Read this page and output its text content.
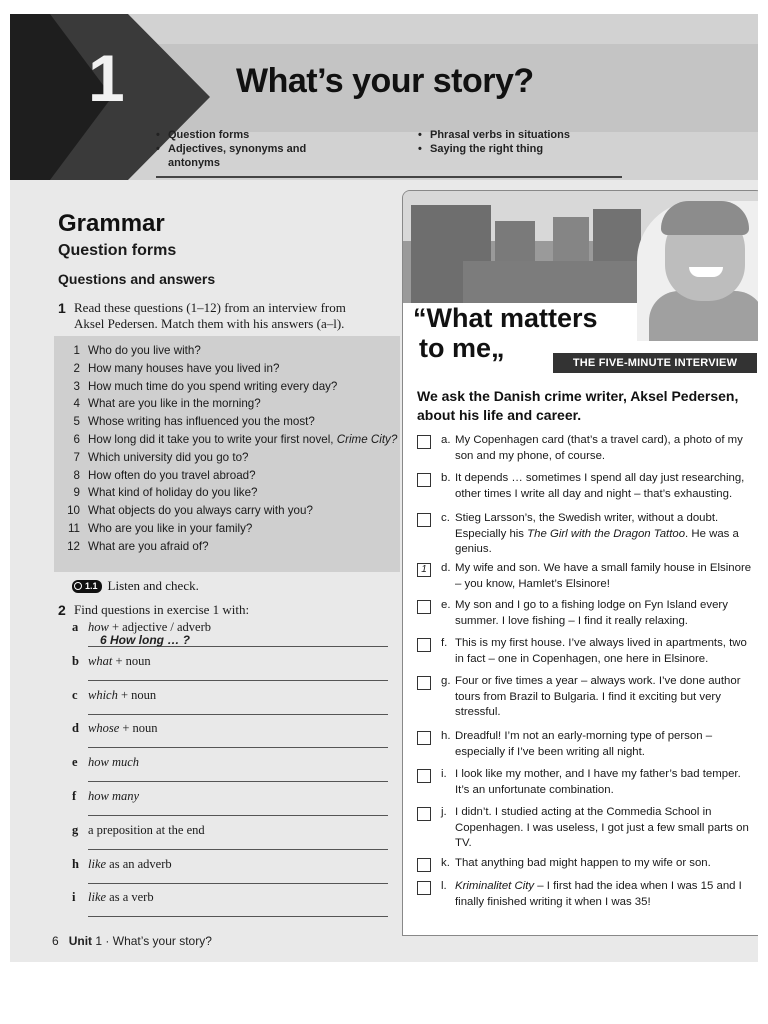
1	What’s your story?
• Question forms
• Adjectives, synonyms and antonyms
• Phrasal verbs in situations
• Saying the right thing
Grammar
Question forms
Questions and answers
1 Read these questions (1–12) from an interview from Aksel Pedersen. Match them with his answers (a–l).
1 Who do you live with?
2 How many houses have you lived in?
3 How much time do you spend writing every day?
4 What are you like in the morning?
5 Whose writing has influenced you the most?
6 How long did it take you to write your first novel, Crime City?
7 Which university did you go to?
8 How often do you travel abroad?
9 What kind of holiday do you like?
10 What objects do you always carry with you?
11 Who are you like in your family?
12 What are you afraid of?
1.1 Listen and check.
2 Find questions in exercise 1 with:
a how + adjective / adverb
6 How long … ?
b what + noun
c which + noun
d whose + noun
e how much
f how many
g a preposition at the end
h like as an adverb
i like as a verb
6 Unit 1 · What’s your story?
“What matters
to me„	THE FIVE-MINUTE INTERVIEW
We ask the Danish crime writer, Aksel Pedersen, about his life and career.
a. My Copenhagen card (that’s a travel card), a photo of my son and my phone, of course.
b. It depends … sometimes I spend all day just researching, other times I write all day and night – that’s exhausting.
c. Stieg Larsson’s, the Swedish writer, without a doubt. Especially his The Girl with the Dragon Tattoo. He was a genius.
1	d. My wife and son. We have a small family house in Elsinore – you know, Hamlet’s Elsinore!
e. My son and I go to a fishing lodge on Fyn Island every summer. I love fishing – I find it really relaxing.
f. This is my first house. I’ve always lived in apartments, two in fact – one in Copenhagen, one here in Elsinore.
g. Four or five times a year – always work. I’ve done author tours from Brazil to Bulgaria. I find it exciting but very stressful.
h. Dreadful! I’m not an early-morning type of person – especially if I’ve been writing all night.
i. I look like my mother, and I have my father’s bad temper. It’s an unfortunate combination.
j. I didn’t. I studied acting at the Commedia School in Copenhagen. I was useless, I got just a few small parts on TV.
k. That anything bad might happen to my wife or son.
l. Kriminalitet City – I first had the idea when I was 15 and I finally finished writing it when I was 35!
